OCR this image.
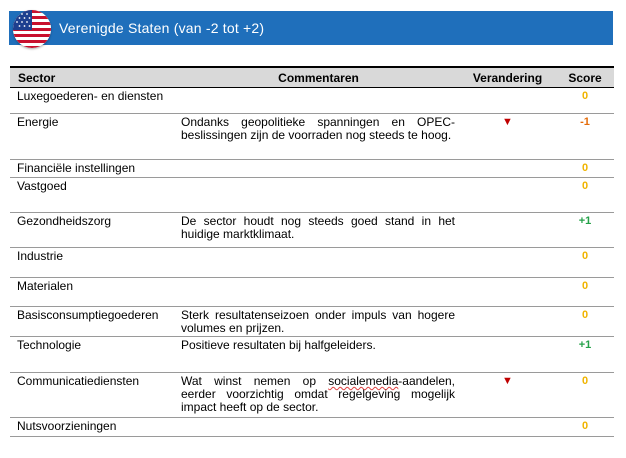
Verenigde Staten (van -2 tot +2)
Sector	Commentaren	Verandering	Score
Luxegoederen- en diensten			0
Energie	Ondanks geopolitieke spanningen en OPEC-beslissingen zijn de voorraden nog steeds te hoog.	▼	-1
Financiële instellingen			0
Vastgoed			0
Gezondheidszorg	De sector houdt nog steeds goed stand in het huidige marktklimaat.		+1
Industrie			0
Materialen			0
Basisconsumptiegoederen	Sterk resultatenseizoen onder impuls van hogere volumes en prijzen.		0
Technologie	Positieve resultaten bij halfgeleiders.		+1
Communicatiediensten	Wat winst nemen op socialemedia-aandelen, eerder voorzichtig omdat regelgeving mogelijk impact heeft op de sector.	▼	0
Nutsvoorzieningen			0
